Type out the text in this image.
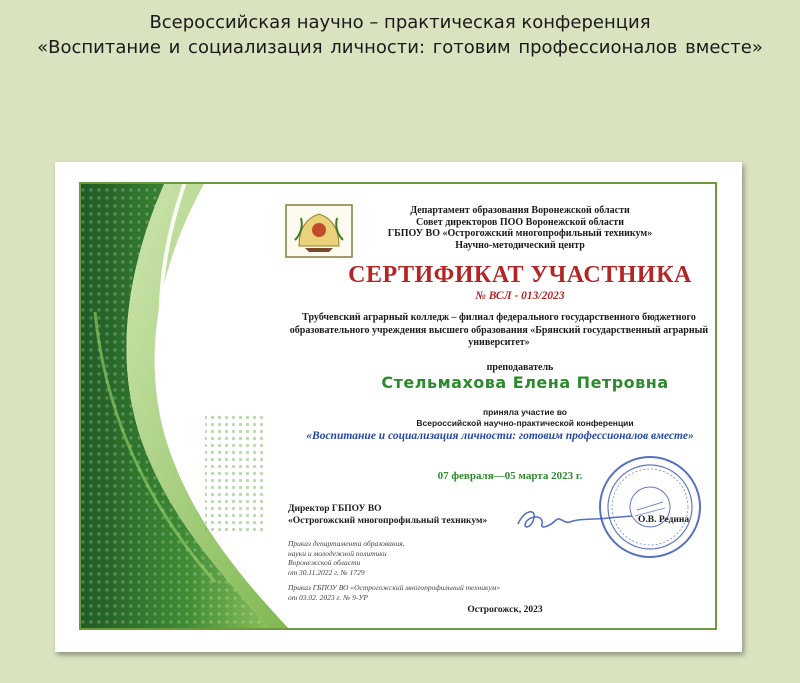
Всероссийская научно – практическая конференция
«Воспитание и социализация личности: готовим профессионалов вместе»
Департамент образования Воронежской области
Совет директоров ПОО Воронежской области
ГБПОУ ВО «Острогожский многопрофильный техникум»
Научно-методический центр
СЕРТИФИКАТ УЧАСТНИКА
№ ВСЛ - 013/2023
Трубчевский аграрный колледж – филиал федерального государственного бюджетного образовательного учреждения высшего образования «Брянский государственный аграрный университет»
преподаватель
Стельмахова Елена Петровна
приняла участие во
Всероссийской научно-практической конференции
«Воспитание и социализация личности: готовим профессионалов вместе»
07 февраля—05 марта 2023 г.
Директор ГБПОУ ВО
«Острогожский многопрофильный техникум»	О.В. Редина
Приказ департамента образования,
науки и молодежной политики
Воронежской области
от 30.11.2022 г. № 1729
Приказ ГБПОУ ВО «Острогожский многопрофильный техникум»
от 03.02. 2023 г. № 9-УР
Острогожск, 2023
